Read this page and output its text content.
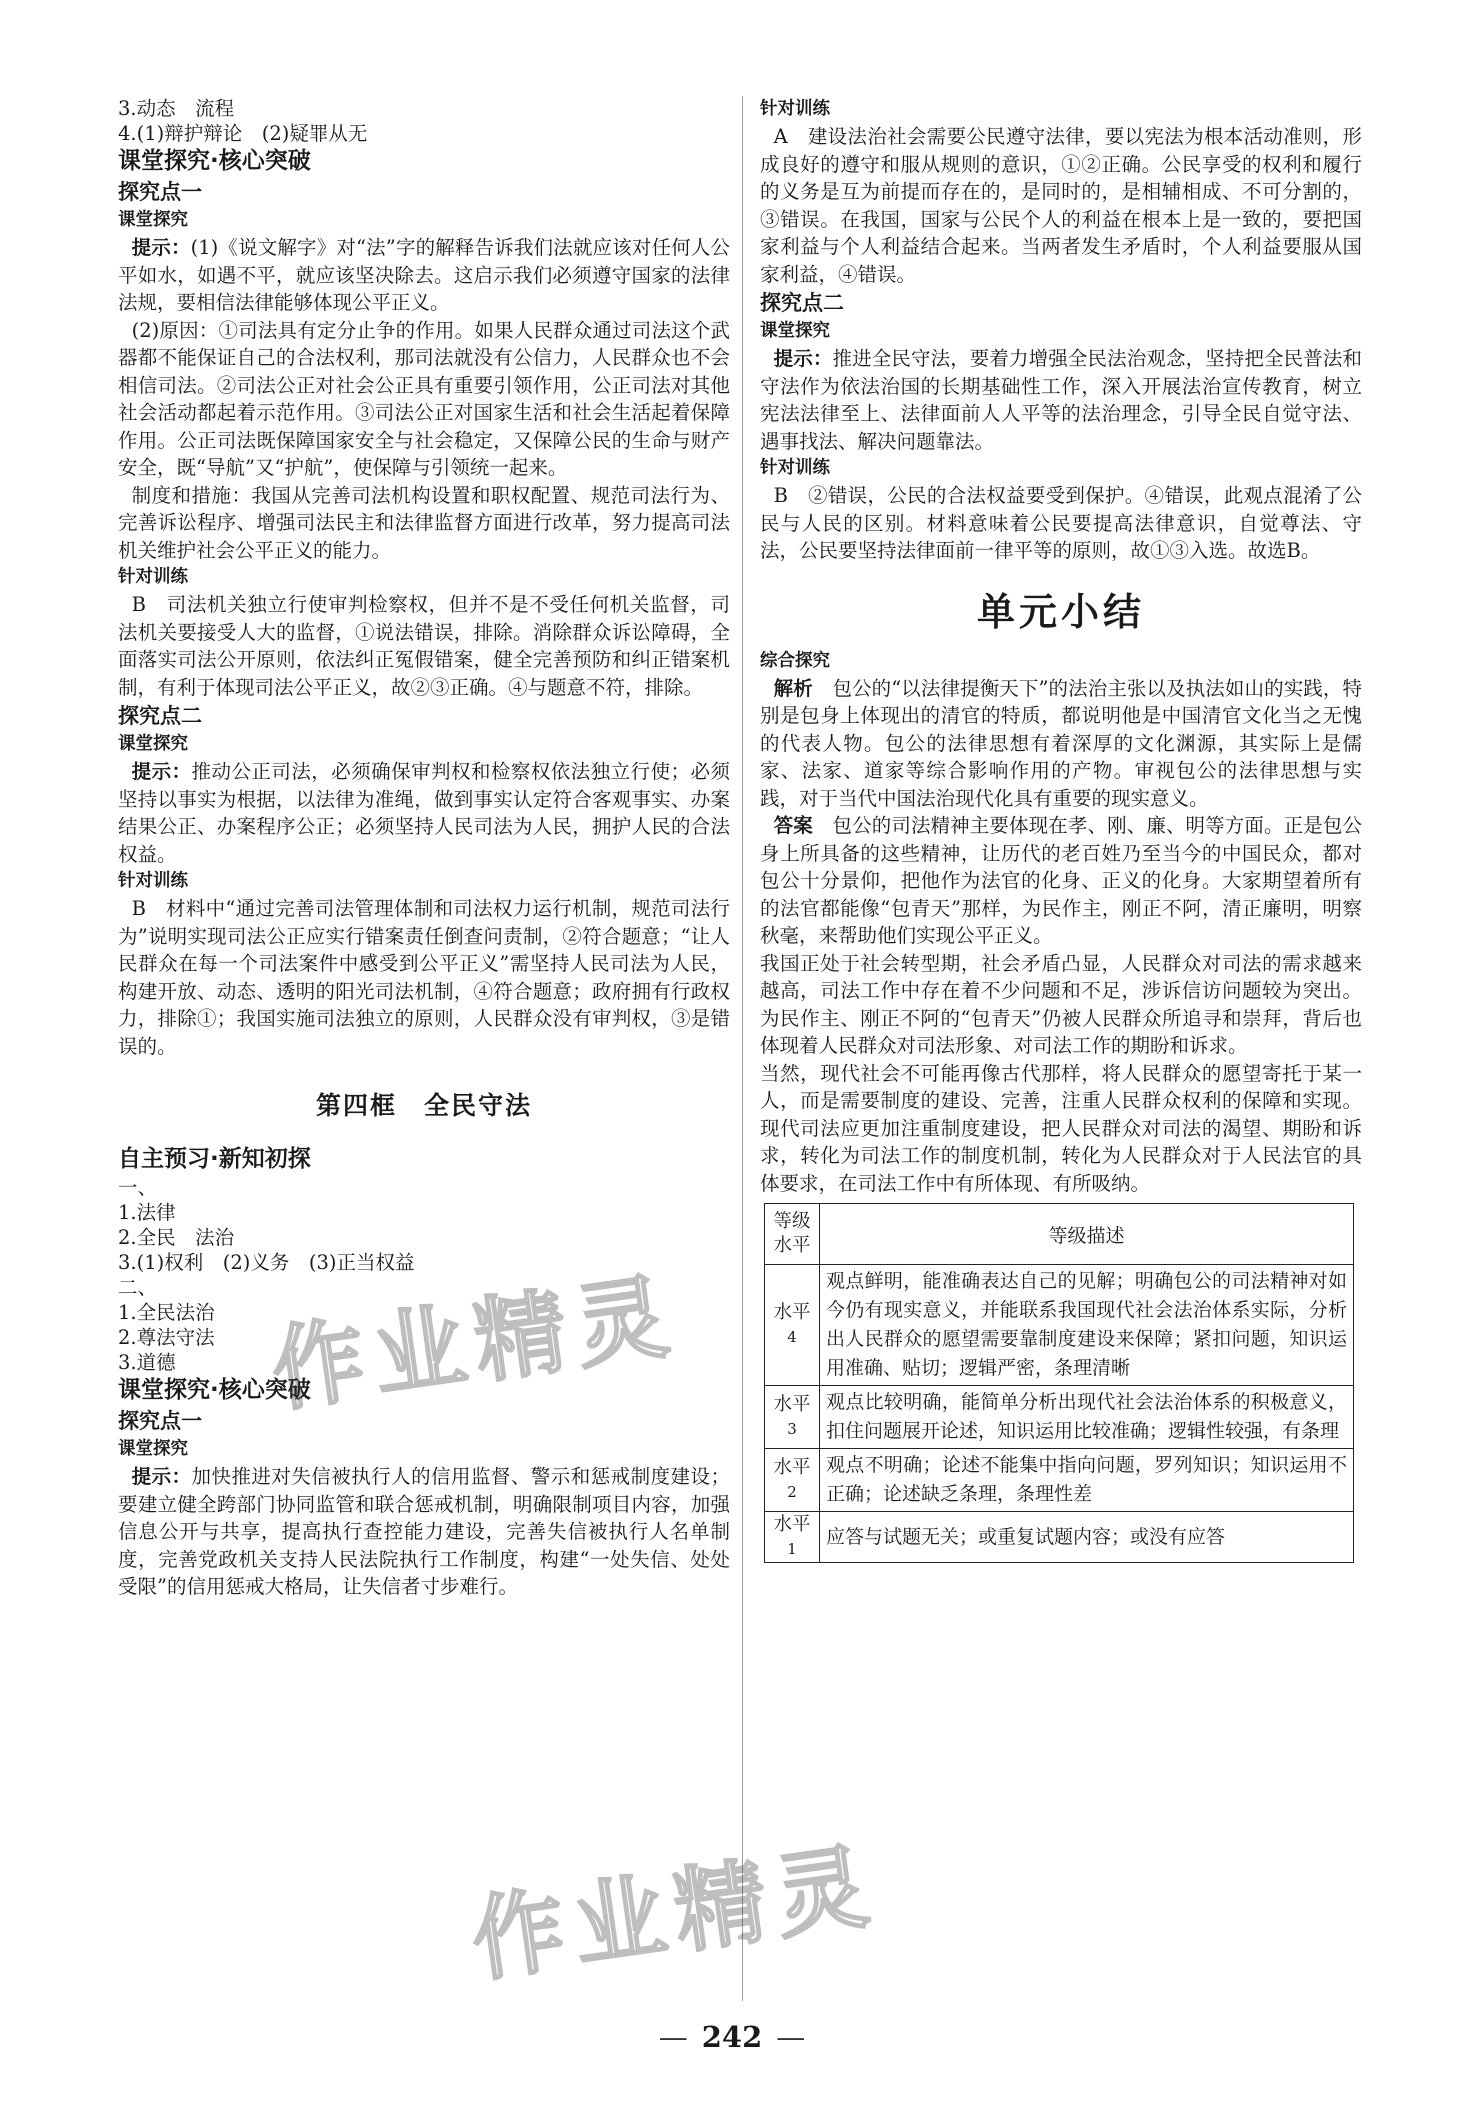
3.动态　流程
4.(1)辩护辩论　(2)疑罪从无
课堂探究·核心突破
探究点一
课堂探究

提示：(1)《说文解字》对“法”字的解释告诉我们法就应该对任何人公平如水，如遇不平，就应该坚决除去。这启示我们必须遵守国家的法律法规，要相信法律能够体现公平正义。

(2)原因：①司法具有定分止争的作用。如果人民群众通过司法这个武器都不能保证自己的合法权利，那司法就没有公信力，人民群众也不会相信司法。②司法公正对社会公正具有重要引领作用，公正司法对其他社会活动都起着示范作用。③司法公正对国家生活和社会生活起着保障作用。公正司法既保障国家安全与社会稳定，又保障公民的生命与财产安全，既“导航”又“护航”，使保障与引领统一起来。

制度和措施：我国从完善司法机构设置和职权配置、规范司法行为、完善诉讼程序、增强司法民主和法律监督方面进行改革，努力提高司法机关维护社会公平正义的能力。

针对训练

B　司法机关独立行使审判检察权，但并不是不受任何机关监督，司法机关要接受人大的监督，①说法错误，排除。消除群众诉讼障碍，全面落实司法公开原则，依法纠正冤假错案，健全完善预防和纠正错案机制，有利于体现司法公平正义，故②③正确。④与题意不符，排除。

探究点二
课堂探究

提示：推动公正司法，必须确保审判权和检察权依法独立行使；必须坚持以事实为根据，以法律为准绳，做到事实认定符合客观事实、办案结果公正、办案程序公正；必须坚持人民司法为人民，拥护人民的合法权益。

针对训练

B　材料中“通过完善司法管理体制和司法权力运行机制，规范司法行为”说明实现司法公正应实行错案责任倒查问责制，②符合题意；“让人民群众在每一个司法案件中感受到公平正义”需坚持人民司法为人民，构建开放、动态、透明的阳光司法机制，④符合题意；政府拥有行政权力，排除①；我国实施司法独立的原则，人民群众没有审判权，③是错误的。

第四框　全民守法
自主预习·新知初探
一、
1.法律
2.全民　法治
3.(1)权利　(2)义务　(3)正当权益
二、
1.全民法治
2.尊法守法
3.道德
课堂探究·核心突破
探究点一
课堂探究

提示：加快推进对失信被执行人的信用监督、警示和惩戒制度建设；要建立健全跨部门协同监管和联合惩戒机制，明确限制项目内容，加强信息公开与共享，提高执行查控能力建设，完善失信被执行人名单制度，完善党政机关支持人民法院执行工作制度，构建“一处失信、处处受限”的信用惩戒大格局，让失信者寸步难行。

针对训练

A　建设法治社会需要公民遵守法律，要以宪法为根本活动准则，形成良好的遵守和服从规则的意识，①②正确。公民享受的权利和履行的义务是互为前提而存在的，是同时的，是相辅相成、不可分割的，③错误。在我国，国家与公民个人的利益在根本上是一致的，要把国家利益与个人利益结合起来。当两者发生矛盾时，个人利益要服从国家利益，④错误。

探究点二
课堂探究

提示：推进全民守法，要着力增强全民法治观念，坚持把全民普法和守法作为依法治国的长期基础性工作，深入开展法治宣传教育，树立宪法法律至上、法律面前人人平等的法治理念，引导全民自觉守法、遇事找法、解决问题靠法。

针对训练

B　②错误，公民的合法权益要受到保护。④错误，此观点混淆了公民与人民的区别。材料意味着公民要提高法律意识，自觉尊法、守法，公民要坚持法律面前一律平等的原则，故①③入选。故选B。

单元小结
综合探究

解析　 包公的“以法律提衡天下”的法治主张以及执法如山的实践，特别是包身上体现出的清官的特质，都说明他是中国清官文化当之无愧的代表人物。包公的法律思想有着深厚的文化渊源，其实际上是儒家、法家、道家等综合影响作用的产物。审视包公的法律思想与实践，对于当代中国法治现代化具有重要的现实意义。

答案　 包公的司法精神主要体现在孝、刚、廉、明等方面。正是包公身上所具备的这些精神，让历代的老百姓乃至当今的中国民众，都对包公十分景仰，把他作为法官的化身、正义的化身。大家期望着所有的法官都能像“包青天”那样，为民作主，刚正不阿，清正廉明，明察秋毫，来帮助他们实现公平正义。

我国正处于社会转型期，社会矛盾凸显，人民群众对司法的需求越来越高，司法工作中存在着不少问题和不足，涉诉信访问题较为突出。为民作主、刚正不阿的“包青天”仍被人民群众所追寻和崇拜，背后也体现着人民群众对司法形象、对司法工作的期盼和诉求。

当然，现代社会不可能再像古代那样，将人民群众的愿望寄托于某一人，而是需要制度的建设、完善，注重人民群众权利的保障和实现。现代司法应更加注重制度建设，把人民群众对司法的渴望、期盼和诉求，转化为司法工作的制度机制，转化为人民群众对于人民法官的具体要求，在司法工作中有所体现、有所吸纳。

等级水平	等级描述
水平
4	观点鲜明，能准确表达自己的见解；明确包公的司法精神对如今仍有现实意义，并能联系我国现代社会法治体系实际，分析出人民群众的愿望需要靠制度建设来保障；紧扣问题，知识运用准确、贴切；逻辑严密，条理清晰
水平
3	观点比较明确，能简单分析出现代社会法治体系的积极意义，扣住问题展开论述，知识运用比较准确；逻辑性较强，有条理
水平
2	观点不明确；论述不能集中指向问题，罗列知识；知识运用不正确；论述缺乏条理，条理性差
水平
1	应答与试题无关；或重复试题内容；或没有应答
作业精灵
作业精灵
— 242 —
